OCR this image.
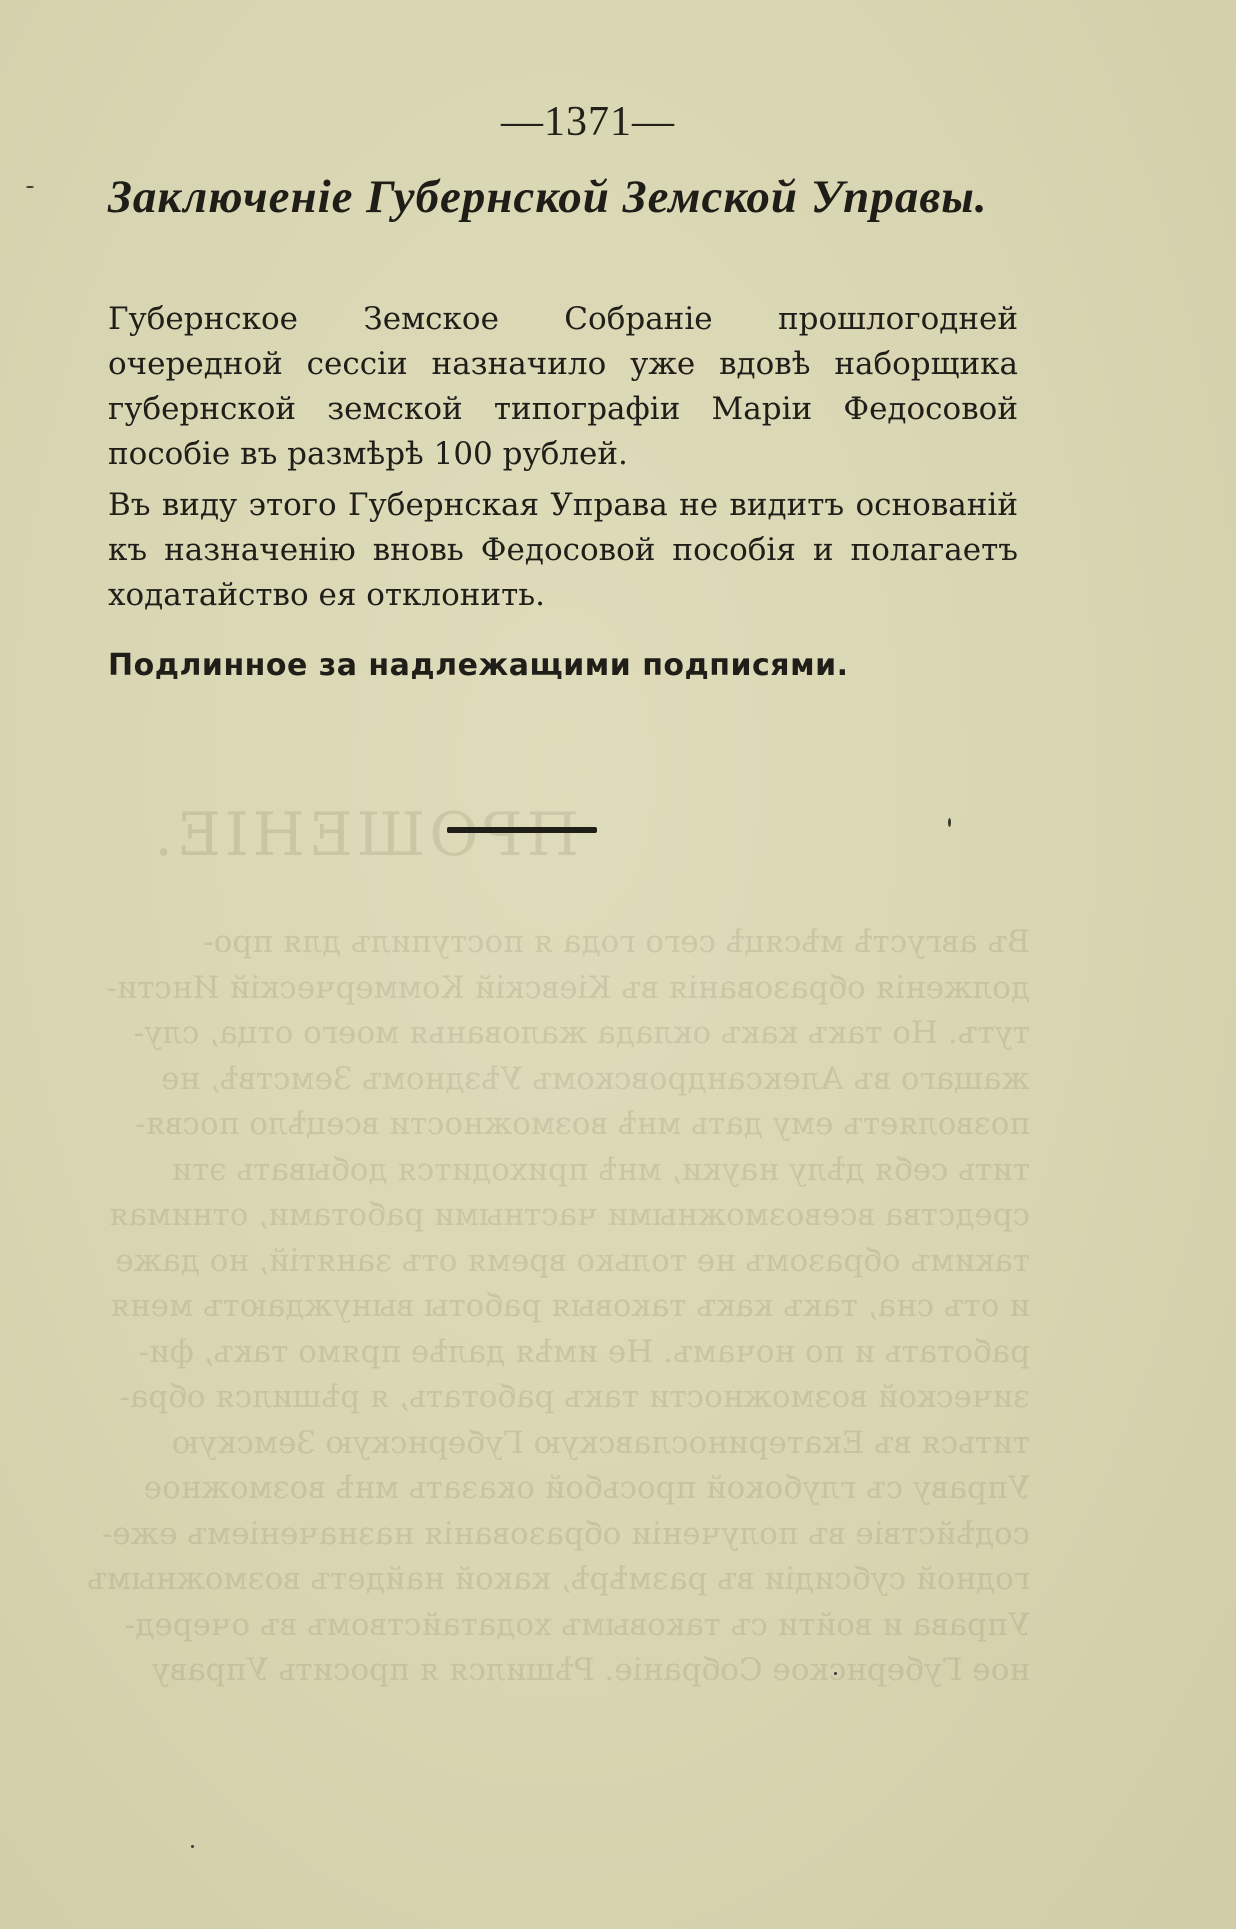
ПРОШЕНІЕ.
Въ августѣ мѣсяцѣ сего года я поступилъ для про-
долженія образованія въ Кіевскій Коммерческій Инсти-
тутъ. Но такъ какъ оклада жалованья моего отца, слу-
жащаго въ Александровскомъ Уѣздномъ Земствѣ, не
позволяетъ ему дать мнѣ возможности всецѣло посвя-
тить себя дѣлу науки, мнѣ приходится добывать эти
средства всевозможными частными работами, отнимая
такимъ образомъ не только время отъ занятій, но даже
и отъ сна, такъ какъ таковыя работы вынуждаютъ меня
работать и по ночамъ. Не имѣя далѣе прямо такъ, фи-
зической возможности такъ работать, я рѣшился обра-
титься въ Екатеринославскую Губернскую Земскую
Управу съ глубокой просьбой оказать мнѣ возможное
содѣйствіе въ полученіи образованія назначеніемъ еже-
годной субсидіи въ размѣрѣ, какой найдетъ возможнымъ
Управа и войти съ таковымъ ходатайствомъ въ очеред-
ное Губернское Собраніе. Рѣшился я просить Управу
—1371—
Заключеніе Губернской Земской Управы.

Губернское Земское Собраніе прошлогодней очередной сессіи назначило уже вдовѣ наборщика губернской земской типографіи Маріи Федосовой пособіе въ размѣрѣ 100 рублей.

Въ виду этого Губернская Управа не видитъ основаній къ назначенію вновь Федосовой пособія и полагаетъ ходатайство ея отклонить.

Подлинное за надлежащими подписями.
